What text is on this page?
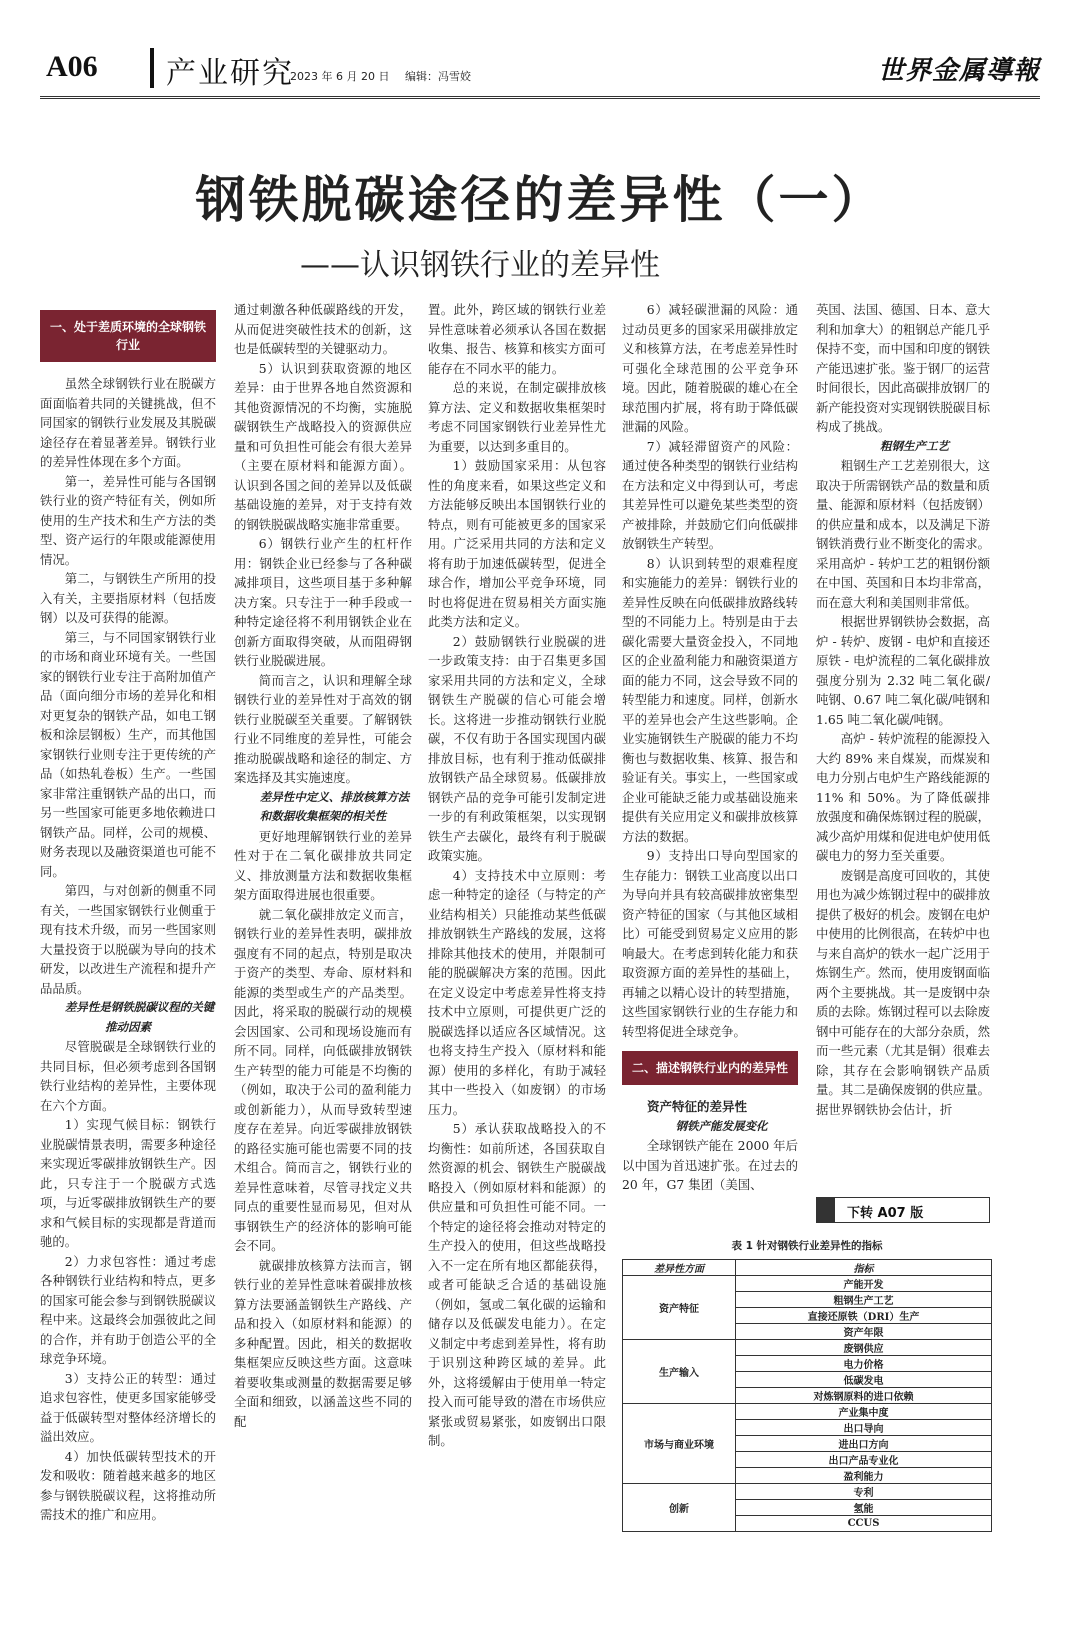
A06 产业研究
2023 年 6 月 20 日 编辑：冯雪姣	世界金属導報
钢铁脱碳途径的差异性（一）
——认识钢铁行业的差异性
一、处于差质环境的全球钢铁行业

虽然全球钢铁行业在脱碳方面面临着共同的关键挑战，但不同国家的钢铁行业发展及其脱碳途径存在着显著差异。钢铁行业的差异性体现在多个方面。

第一，差异性可能与各国钢铁行业的资产特征有关，例如所使用的生产技术和生产方法的类型、资产运行的年限或能源使用情况。

第二，与钢铁生产所用的投入有关，主要指原材料（包括废钢）以及可获得的能源。

第三，与不同国家钢铁行业的市场和商业环境有关。一些国家的钢铁行业专注于高附加值产品（面向细分市场的差异化和相对更复杂的钢铁产品，如电工钢板和涂层钢板）生产，而其他国家钢铁行业则专注于更传统的产品（如热轧卷板）生产。一些国家非常注重钢铁产品的出口，而另一些国家可能更多地依赖进口钢铁产品。同样，公司的规模、财务表现以及融资渠道也可能不同。

第四，与对创新的侧重不同有关，一些国家钢铁行业侧重于现有技术升级，而另一些国家则大量投资于以脱碳为导向的技术研发，以改进生产流程和提升产品品质。

差异性是钢铁脱碳议程的关键推动因素

尽管脱碳是全球钢铁行业的共同目标，但必须考虑到各国钢铁行业结构的差异性，主要体现在六个方面。

1）实现气候目标：钢铁行业脱碳情景表明，需要多种途径来实现近零碳排放钢铁生产。因此，只专注于一个脱碳方式选项，与近零碳排放钢铁生产的要求和气候目标的实现都是背道而驰的。

2）力求包容性：通过考虑各种钢铁行业结构和特点，更多的国家可能会参与到钢铁脱碳议程中来。这最终会加强彼此之间的合作，并有助于创造公平的全球竞争环境。

3）支持公正的转型：通过追求包容性，使更多国家能够受益于低碳转型对整体经济增长的溢出效应。

4）加快低碳转型技术的开发和吸收：随着越来越多的地区参与钢铁脱碳议程，这将推动所需技术的推广和应用。

通过刺激各种低碳路线的开发，从而促进突破性技术的创新，这也是低碳转型的关键驱动力。

5）认识到获取资源的地区差异：由于世界各地自然资源和其他资源情况的不均衡，实施脱碳钢铁生产战略投入的资源供应量和可负担性可能会有很大差异（主要在原材料和能源方面）。认识到各国之间的差异以及低碳基础设施的差异，对于支持有效的钢铁脱碳战略实施非常重要。

6）钢铁行业产生的杠杆作用：钢铁企业已经参与了各种碳减排项目，这些项目基于多种解决方案。只专注于一种手段或一种特定途径将不利用钢铁企业在创新方面取得突破，从而阻碍钢铁行业脱碳进展。

简而言之，认识和理解全球钢铁行业的差异性对于高效的钢铁行业脱碳至关重要。了解钢铁行业不同维度的差异性，可能会推动脱碳战略和途径的制定、方案选择及其实施速度。

差异性中定义、排放核算方法和数据收集框架的相关性

更好地理解钢铁行业的差异性对于在二氧化碳排放共同定义、排放测量方法和数据收集框架方面取得进展也很重要。

就二氧化碳排放定义而言，钢铁行业的差异性表明，碳排放强度有不同的起点，特别是取决于资产的类型、寿命、原材料和能源的类型或生产的产品类型。因此，将采取的脱碳行动的规模会因国家、公司和现场设施而有所不同。同样，向低碳排放钢铁生产转型的能力可能是不均衡的（例如，取决于公司的盈利能力或创新能力），从而导致转型速度存在差异。向近零碳排放钢铁的路径实施可能也需要不同的技术组合。简而言之，钢铁行业的差异性意味着，尽管寻找定义共同点的重要性显而易见，但对从事钢铁生产的经济体的影响可能会不同。

就碳排放核算方法而言，钢铁行业的差异性意味着碳排放核算方法要涵盖钢铁生产路线、产品和投入（如原材料和能源）的多种配置。因此，相关的数据收集框架应反映这些方面。这意味着要收集或测量的数据需要足够全面和细致，以涵盖这些不同的配

置。此外，跨区域的钢铁行业差异性意味着必须承认各国在数据收集、报告、核算和核实方面可能存在不同水平的能力。

总的来说，在制定碳排放核算方法、定义和数据收集框架时考虑不同国家钢铁行业差异性尤为重要，以达到多重目的。

1）鼓励国家采用：从包容性的角度来看，如果这些定义和方法能够反映出本国钢铁行业的特点，则有可能被更多的国家采用。广泛采用共同的方法和定义将有助于加速低碳转型，促进全球合作，增加公平竞争环境，同时也将促进在贸易相关方面实施此类方法和定义。

2）鼓励钢铁行业脱碳的进一步政策支持：由于召集更多国家采用共同的方法和定义，全球钢铁生产脱碳的信心可能会增长。这将进一步推动钢铁行业脱碳，不仅有助于各国实现国内碳排放目标，也有利于推动低碳排放钢铁产品全球贸易。低碳排放钢铁产品的竞争可能引发制定进一步的有利政策框架，以实现钢铁生产去碳化，最终有利于脱碳政策实施。

4）支持技术中立原则：考虑一种特定的途径（与特定的产业结构相关）只能推动某些低碳排放钢铁生产路线的发展，这将排除其他技术的使用，并限制可能的脱碳解决方案的范围。因此在定义设定中考虑差异性将支持技术中立原则，可提供更广泛的脱碳选择以适应各区域情况。这也将支持生产投入（原材料和能源）使用的多样化，有助于减轻其中一些投入（如废钢）的市场压力。

5）承认获取战略投入的不均衡性：如前所述，各国获取自然资源的机会、钢铁生产脱碳战略投入（例如原材料和能源）的供应量和可负担性可能不同。一个特定的途径将会推动对特定的生产投入的使用，但这些战略投入不一定在所有地区都能获得，或者可能缺乏合适的基础设施（例如，氢或二氧化碳的运输和储存以及低碳发电能力）。在定义制定中考虑到差异性，将有助于识别这种跨区域的差异。此外，这将缓解由于使用单一特定投入而可能导致的潜在市场供应紧张或贸易紧张，如废钢出口限制。

6）减轻碳泄漏的风险：通过动员更多的国家采用碳排放定义和核算方法，在考虑差异性时可强化全球范围的公平竞争环境。因此，随着脱碳的雄心在全球范围内扩展，将有助于降低碳泄漏的风险。

7）减轻滞留资产的风险：通过使各种类型的钢铁行业结构在方法和定义中得到认可，考虑其差异性可以避免某些类型的资产被排除，并鼓励它们向低碳排放钢铁生产转型。

8）认识到转型的艰难程度和实施能力的差异：钢铁行业的差异性反映在向低碳排放路线转型的不同能力上。特别是由于去碳化需要大量资金投入，不同地区的企业盈利能力和融资渠道方面的能力不同，这会导致不同的转型能力和速度。同样，创新水平的差异也会产生这些影响。企业实施钢铁生产脱碳的能力不均衡也与数据收集、核算、报告和验证有关。事实上，一些国家或企业可能缺乏能力或基础设施来提供有关应用定义和碳排放核算方法的数据。

9）支持出口导向型国家的生存能力：钢铁工业高度以出口为导向并具有较高碳排放密集型资产特征的国家（与其他区域相比）可能受到贸易定义应用的影响最大。在考虑到转化能力和获取资源方面的差异性的基础上，再辅之以精心设计的转型措施，这些国家钢铁行业的生存能力和转型将促进全球竞争。

二、描述钢铁行业内的差异性

资产特征的差异性

钢铁产能发展变化

全球钢铁产能在 2000 年后以中国为首迅速扩张。在过去的 20 年，G7 集团（美国、

英国、法国、德国、日本、意大利和加拿大）的粗钢总产能几乎保持不变，而中国和印度的钢铁产能迅速扩张。鉴于钢厂的运营时间很长，因此高碳排放钢厂的新产能投资对实现钢铁脱碳目标构成了挑战。

粗钢生产工艺

粗钢生产工艺差别很大，这取决于所需钢铁产品的数量和质量、能源和原材料（包括废钢）的供应量和成本，以及满足下游钢铁消费行业不断变化的需求。采用高炉 - 转炉工艺的粗钢份额在中国、英国和日本均非常高，而在意大利和美国则非常低。

根据世界钢铁协会数据，高炉 - 转炉、废钢 - 电炉和直接还原铁 - 电炉流程的二氧化碳排放强度分别为 2.32 吨二氧化碳/吨钢、0.67 吨二氧化碳/吨钢和 1.65 吨二氧化碳/吨钢。

高炉 - 转炉流程的能源投入大约 89% 来自煤炭，而煤炭和电力分别占电炉生产路线能源的 11% 和 50%。为了降低碳排放强度和确保炼钢过程的脱碳，减少高炉用煤和促进电炉使用低碳电力的努力至关重要。

废钢是高度可回收的，其使用也为减少炼钢过程中的碳排放提供了极好的机会。废钢在电炉中使用的比例很高，在转炉中也与来自高炉的铁水一起广泛用于炼钢生产。然而，使用废钢面临两个主要挑战。其一是废钢中杂质的去除。炼钢过程可以去除废钢中可能存在的大部分杂质，然而一些元素（尤其是铜）很难去除，其存在会影响钢铁产品质量。其二是确保废钢的供应量。据世界钢铁协会估计，折

下转 A07 版
表 1 针对钢铁行业差异性的指标
差异性方面	指标
资产特征	产能开发
	粗钢生产工艺
	直接还原铁（DRI）生产
	资产年限
生产输入	废钢供应
	电力价格
	低碳发电
	对炼钢原料的进口依赖
市场与商业环境	产业集中度
	出口导向
	进出口方向
	出口产品专业化
	盈利能力
创新	专利
	氢能
	CCUS
